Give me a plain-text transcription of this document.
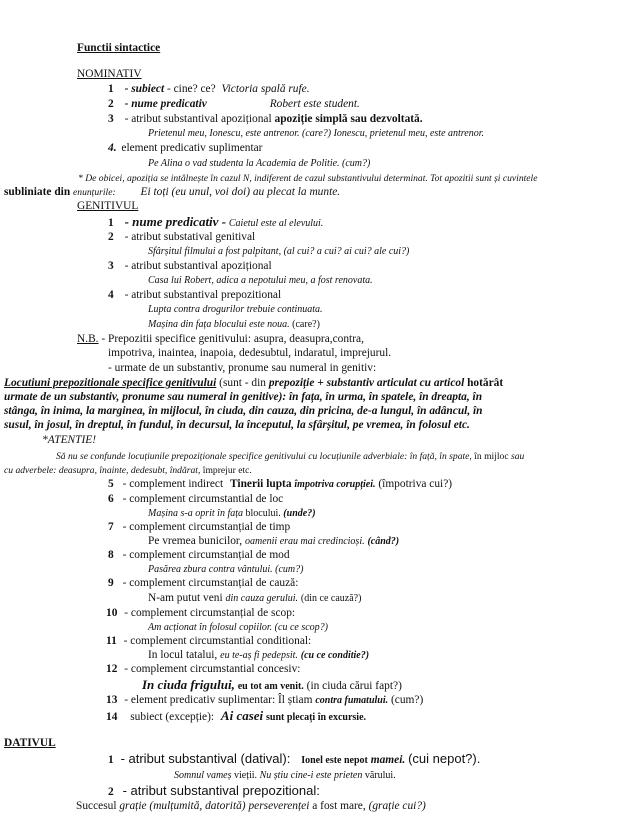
Functii sintactice
NOMINATIV
1 - subiect - cine? ce? Victoria spală rufe.
2 - nume predicativ	Robert este student.
3 - atribut substantival apozițional apoziție simplă sau dezvoltată.
Prietenul meu, Ionescu, este antrenor. (care?) Ionescu, prietenul meu, este antrenor.
4. element predicativ suplimentar
Pe Alina o vad studenta la Academia de Politie. (cum?)
* De obicei, apoziția se intâlnește în cazul N, indiferent de cazul substantivului determinat. Tot apozitii sunt și cuvintele
subliniate din enunțurile: Ei toți (eu unul, voi doi) au plecat la munte.
GENITIVUL
1 - nume predicativ - Caietul este al elevului.
2 - atribut substatival genitival
Sfârșitul filmului a fost palpitant, (al cui? a cui? ai cui? ale cui?)
3 - atribut substantival apozițional
Casa lui Robert, adica a nepotului meu, a fost renovata.
4 - atribut substantival prepozitional
Lupta contra drogurilor trebuie continuata.
Mașina din fața blocului este noua. (care?)
N.B. - Prepozitii specifice genitivului: asupra, deasupra,contra,
impotriva, inaintea, inapoia, dedesubtul, indaratul, imprejurul.
- urmate de un substantiv, pronume sau numeral in genitiv:
Locutiuni prepozitionale specifice genitivului (sunt - din prepoziție + substantiv articulat cu articol hotărât
urmate de un substantiv, pronume sau numeral in genitive): în fața, în urma, în spatele, în dreapta, în
stânga, în inima, la marginea, în mijlocul, în ciuda, din cauza, din pricina, de-a lungul, în adâncul, în
susul, în josul, în dreptul, în fundul, în decursul, la începutul, la sfârșitul, pe vremea, în folosul etc.
*ATENTIE!
Să nu se confunde locuțiunile prepoziționale specifice genitivului cu locuțiunile adverbiale: în față, în spate, în mijloc sau
cu adverbele: deasupra, înainte, dedesubt, îndărat, împrejur etc.
5 - complement indirect Tinerii lupta împotriva corupției. (împotriva cui?)
6 - complement circumstantial de loc
Mașina s-a oprit în fața blocului. (unde?)
7 - complement circumstanțial de timp
Pe vremea bunicilor, oamenii erau mai credincioși. (când?)
8 - complement circumstanțial de mod
Pasărea zbura contra vântului. (cum?)
9 - complement circumstanțial de cauză:
N-am putut veni din cauza gerului. (din ce cauză?)
10 - complement circumstanțial de scop:
Am acționat în folosul copiilor. (cu ce scop?)
11 - complement circumstantial conditional:
In locul tatalui, eu te-aș fi pedepsit. (cu ce conditie?)
12 - complement circumstantial concesiv:
In ciuda frigului, eu tot am venit. (in ciuda cărui fapt?)
13 - element predicativ suplimentar: Îl știam contra fumatului. (cum?)
14 subiect (excepție): Ai casei sunt plecați în excursie.
DATIVUL
1 - atribut substantival (datival): Ionel este nepot mamei. (cui nepot?).
Somnul vameș vieții. Nu știu cine-i este prieten vărului.
2 - atribut substantival prepozitional:
Succesul grație (mulțumită, datorită) perseverenței a fost mare, (grație cui?)
